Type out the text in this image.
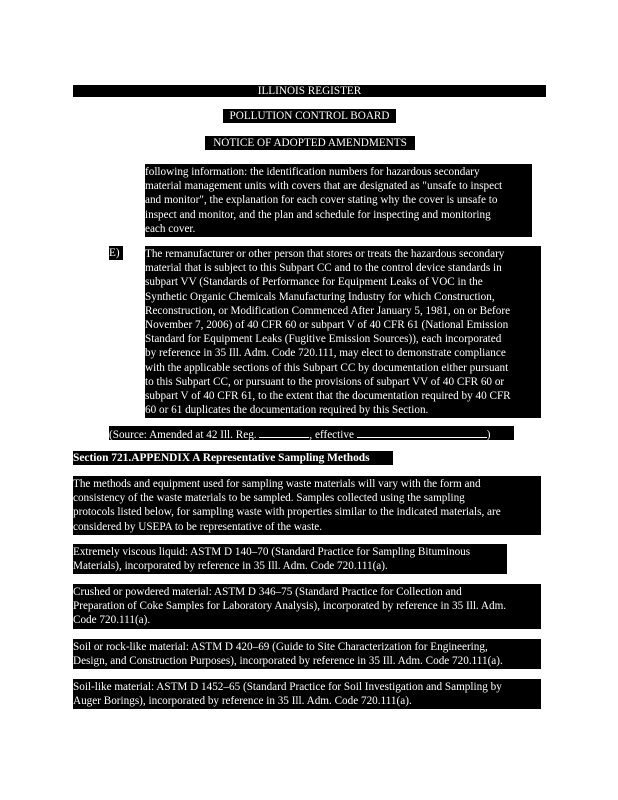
ILLINOIS REGISTER
POLLUTION CONTROL BOARD
NOTICE OF ADOPTED AMENDMENTS
following information: the identification numbers for hazardous secondary
material management units with covers that are designated as "unsafe to inspect
and monitor", the explanation for each cover stating why the cover is unsafe to
inspect and monitor, and the plan and schedule for inspecting and monitoring
each cover.
E)	The remanufacturer or other person that stores or treats the hazardous secondary
material that is subject to this Subpart CC and to the control device standards in
subpart VV (Standards of Performance for Equipment Leaks of VOC in the
Synthetic Organic Chemicals Manufacturing Industry for which Construction,
Reconstruction, or Modification Commenced After January 5, 1981, on or Before
November 7, 2006) of 40 CFR 60 or subpart V of 40 CFR 61 (National Emission
Standard for Equipment Leaks (Fugitive Emission Sources)), each incorporated
by reference in 35 Ill. Adm. Code 720.111, may elect to demonstrate compliance
with the applicable sections of this Subpart CC by documentation either pursuant
to this Subpart CC, or pursuant to the provisions of subpart VV of 40 CFR 60 or
subpart V of 40 CFR 61, to the extent that the documentation required by 40 CFR
60 or 61 duplicates the documentation required by this Section.
(Source: Amended at 42 Ill. Reg.	, effective	)
Section 721.APPENDIX A Representative Sampling Methods
The methods and equipment used for sampling waste materials will vary with the form and
consistency of the waste materials to be sampled. Samples collected using the sampling
protocols listed below, for sampling waste with properties similar to the indicated materials, are
considered by USEPA to be representative of the waste.
Extremely viscous liquid: ASTM D 140–70 (Standard Practice for Sampling Bituminous
Materials), incorporated by reference in 35 Ill. Adm. Code 720.111(a).
Crushed or powdered material: ASTM D 346–75 (Standard Practice for Collection and
Preparation of Coke Samples for Laboratory Analysis), incorporated by reference in 35 Ill. Adm.
Code 720.111(a).
Soil or rock-like material: ASTM D 420–69 (Guide to Site Characterization for Engineering,
Design, and Construction Purposes), incorporated by reference in 35 Ill. Adm. Code 720.111(a).
Soil-like material: ASTM D 1452–65 (Standard Practice for Soil Investigation and Sampling by
Auger Borings), incorporated by reference in 35 Ill. Adm. Code 720.111(a).
